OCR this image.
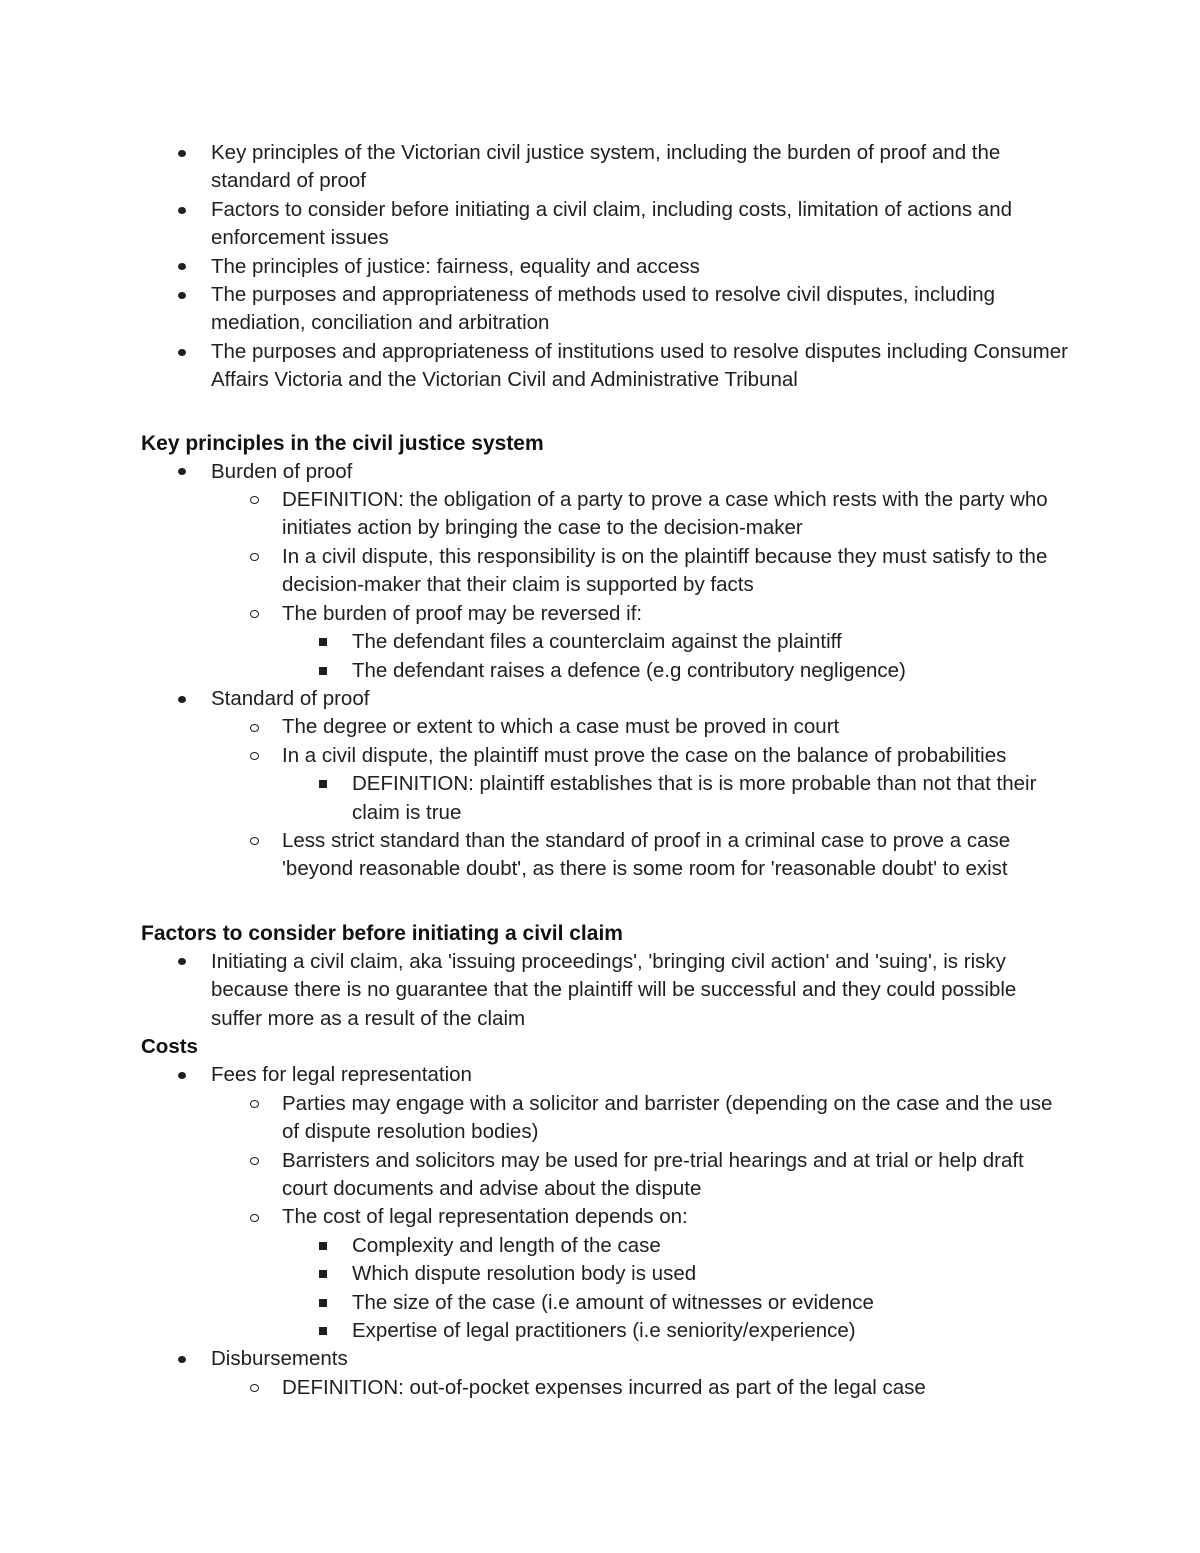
Key principles of the Victorian civil justice system, including the burden of proof and the standard of proof
Factors to consider before initiating a civil claim, including costs, limitation of actions and enforcement issues
The principles of justice: fairness, equality and access
The purposes and appropriateness of methods used to resolve civil disputes, including mediation, conciliation and arbitration
The purposes and appropriateness of institutions used to resolve disputes including Consumer Affairs Victoria and the Victorian Civil and Administrative Tribunal
Key principles in the civil justice system
Burden of proof
DEFINITION: the obligation of a party to prove a case which rests with the party who initiates action by bringing the case to the decision-maker
In a civil dispute, this responsibility is on the plaintiff because they must satisfy to the decision-maker that their claim is supported by facts
The burden of proof may be reversed if:
The defendant files a counterclaim against the plaintiff
The defendant raises a defence (e.g contributory negligence)
Standard of proof
The degree or extent to which a case must be proved in court
In a civil dispute, the plaintiff must prove the case on the balance of probabilities
DEFINITION: plaintiff establishes that is is more probable than not that their claim is true
Less strict standard than the standard of proof in a criminal case to prove a case 'beyond reasonable doubt', as there is some room for 'reasonable doubt' to exist
Factors to consider before initiating a civil claim
Initiating a civil claim, aka 'issuing proceedings', 'bringing civil action' and 'suing', is risky because there is no guarantee that the plaintiff will be successful and they could possible suffer more as a result of the claim

Costs

Fees for legal representation
Parties may engage with a solicitor and barrister (depending on the case and the use of dispute resolution bodies)
Barristers and solicitors may be used for pre-trial hearings and at trial or help draft court documents and advise about the dispute
The cost of legal representation depends on:
Complexity and length of the case
Which dispute resolution body is used
The size of the case (i.e amount of witnesses or evidence
Expertise of legal practitioners (i.e seniority/experience)
Disbursements
DEFINITION: out-of-pocket expenses incurred as part of the legal case
